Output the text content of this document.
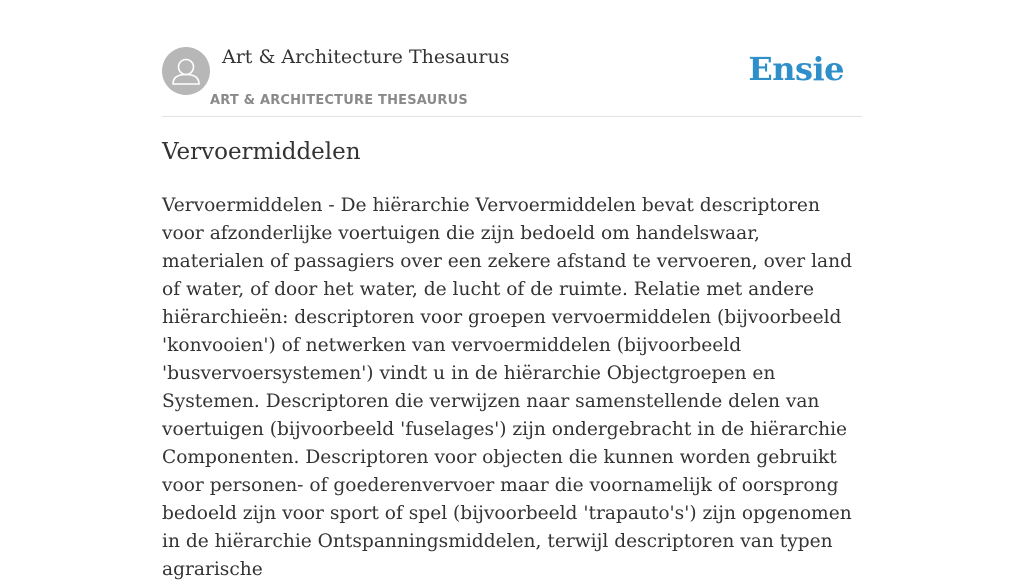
Art & Architecture Thesaurus
ART & ARCHITECTURE THESAURUS
Ensie
Vervoermiddelen

Vervoermiddelen - De hiërarchie Vervoermiddelen bevat descriptoren voor afzonderlijke voertuigen die zijn bedoeld om handelswaar, materialen of passagiers over een zekere afstand te vervoeren, over land of water, of door het water, de lucht of de ruimte. Relatie met andere hiërarchieën: descriptoren voor groepen vervoermiddelen (bijvoorbeeld 'konvooien') of netwerken van vervoermiddelen (bijvoorbeeld 'busvervoersystemen') vindt u in de hiërarchie Objectgroepen en Systemen. Descriptoren die verwijzen naar samenstellende delen van voertuigen (bijvoorbeeld 'fuselages') zijn ondergebracht in de hiërarchie Componenten. Descriptoren voor objecten die kunnen worden gebruikt voor personen- of goederenvervoer maar die voornamelijk of oorsprong bedoeld zijn voor sport of spel (bijvoorbeeld 'trapauto's') zijn opgenomen in de hiërarchie Ontspanningsmiddelen, terwijl descriptoren van typen agrarische
